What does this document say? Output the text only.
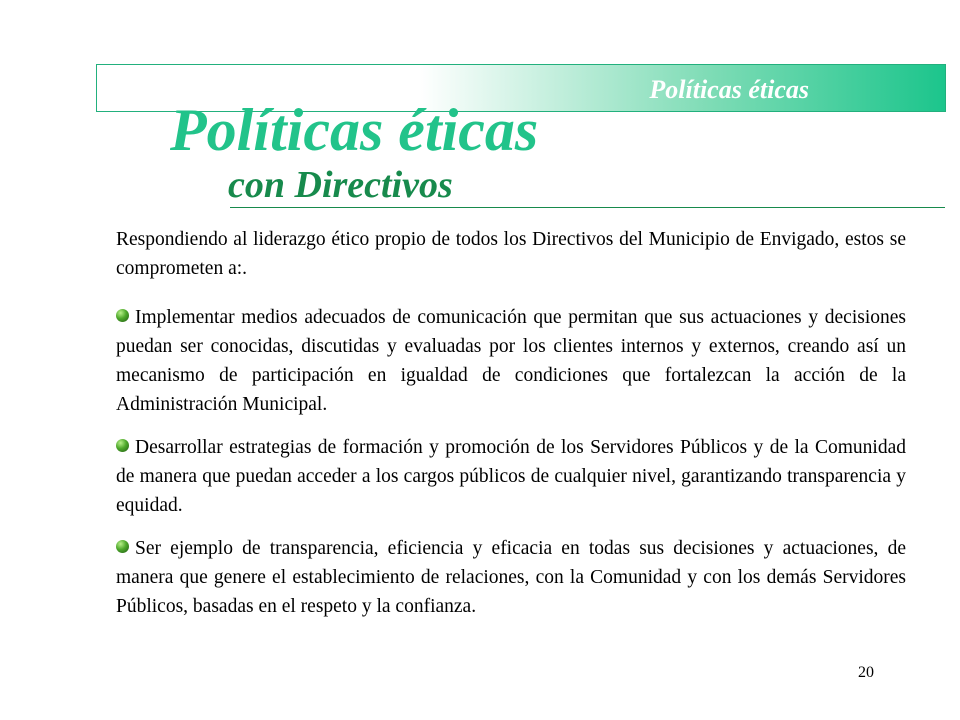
Políticas éticas
Políticas éticas
con Directivos

Respondiendo al liderazgo ético propio de todos los Directivos del Municipio de Envigado, estos se comprometen a:.

Implementar medios adecuados de comunicación que permitan que sus actuaciones y decisiones puedan ser conocidas, discutidas y evaluadas por los clientes internos y externos, creando así un mecanismo de participación en igualdad de condiciones que fortalezcan la acción de la Administración Municipal.

Desarrollar estrategias de formación y promoción de los Servidores Públicos y de la Comunidad de manera que puedan acceder a los cargos públicos de cualquier nivel, garantizando transparencia y equidad.

Ser ejemplo de transparencia, eficiencia y eficacia en todas sus decisiones y actuaciones, de manera que genere el establecimiento de relaciones, con la Comunidad y con los demás Servidores Públicos, basadas en el respeto y la confianza.

20
